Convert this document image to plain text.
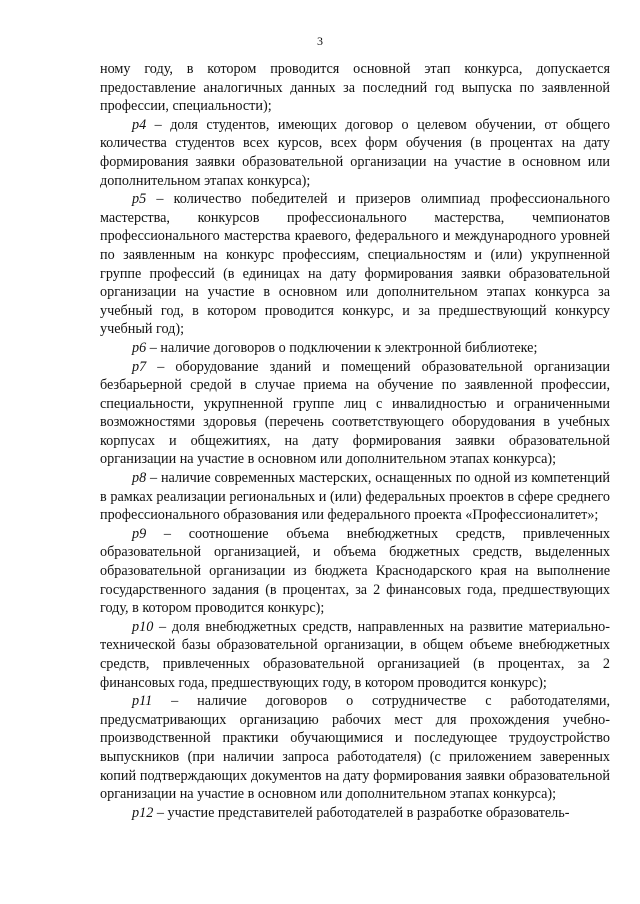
3

ному году, в котором проводится основной этап конкурса, допускается предоставление аналогичных данных за последний год выпуска по заявленной профессии, специальности);

p4 – доля студентов, имеющих договор о целевом обучении, от общего количества студентов всех курсов, всех форм обучения (в процентах на дату формирования заявки образовательной организации на участие в основном или дополнительном этапах конкурса);

p5 – количество победителей и призеров олимпиад профессионального мастерства, конкурсов профессионального мастерства, чемпионатов профессионального мастерства краевого, федерального и международного уровней по заявленным на конкурс профессиям, специальностям и (или) укрупненной группе профессий (в единицах на дату формирования заявки образовательной организации на участие в основном или дополнительном этапах конкурса за учебный год, в котором проводится конкурс, и за предшествующий конкурсу учебный год);

p6 – наличие договоров о подключении к электронной библиотеке;

p7 – оборудование зданий и помещений образовательной организации безбарьерной средой в случае приема на обучение по заявленной профессии, специальности, укрупненной группе лиц с инвалидностью и ограниченными возможностями здоровья (перечень соответствующего оборудования в учебных корпусах и общежитиях, на дату формирования заявки образовательной организации на участие в основном или дополнительном этапах конкурса);

p8 – наличие современных мастерских, оснащенных по одной из компетенций в рамках реализации региональных и (или) федеральных проектов в сфере среднего профессионального образования или федерального проекта «Профессионалитет»;

p9 – соотношение объема внебюджетных средств, привлеченных образовательной организацией, и объема бюджетных средств, выделенных образовательной организации из бюджета Краснодарского края на выполнение государственного задания (в процентах, за 2 финансовых года, предшествующих году, в котором проводится конкурс);

p10 – доля внебюджетных средств, направленных на развитие материально-технической базы образовательной организации, в общем объеме внебюджетных средств, привлеченных образовательной организацией (в процентах, за 2 финансовых года, предшествующих году, в котором проводится конкурс);

p11 – наличие договоров о сотрудничестве с работодателями, предусматривающих организацию рабочих мест для прохождения учебно-производственной практики обучающимися и последующее трудоустройство выпускников (при наличии запроса работодателя) (с приложением заверенных копий подтверждающих документов на дату формирования заявки образовательной организации на участие в основном или дополнительном этапах конкурса);

p12 – участие представителей работодателей в разработке образователь-
